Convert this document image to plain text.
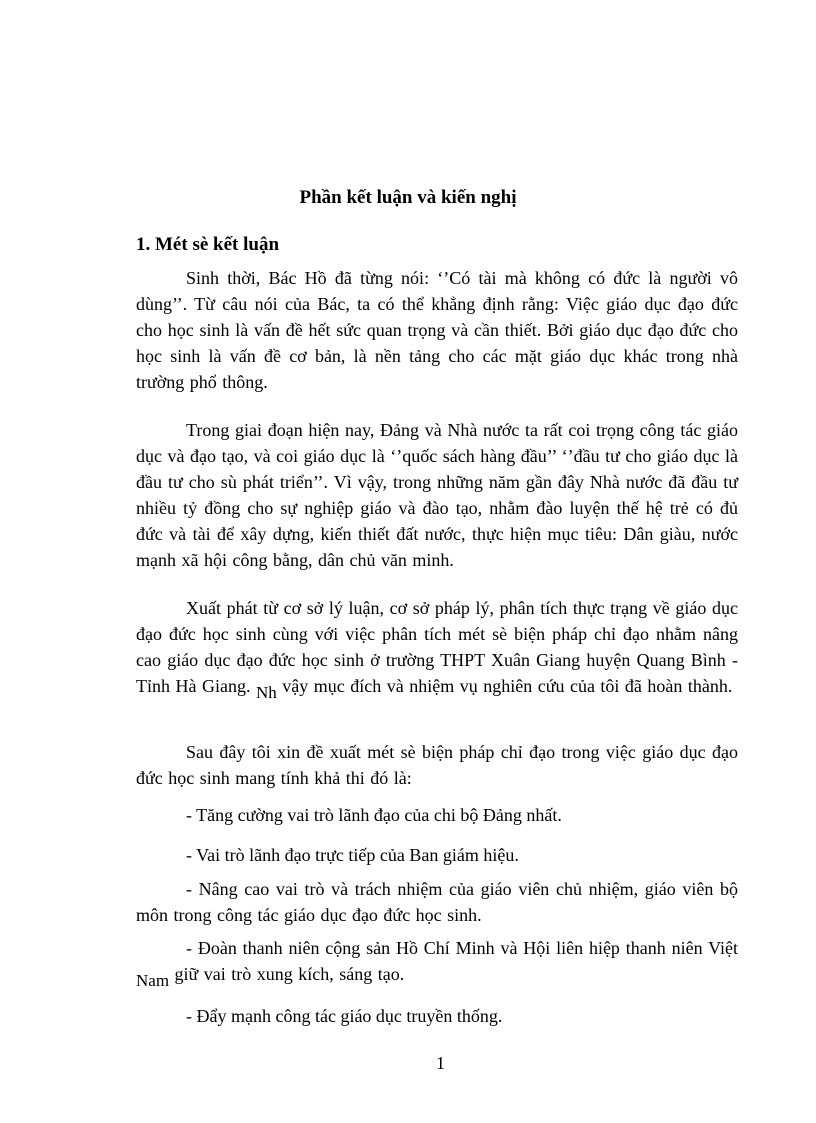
Phần kết luận và kiến nghị
1. Mét sè kết luận
Sinh thời, Bác Hồ đã từng nói: ‘’Có tài mà không có đức là người vô dùng’’. Từ câu nói của Bác, ta có thể khẳng định rằng: Việc giáo dục đạo đức cho học sinh là vấn đề hết sức quan trọng và cần thiết. Bởi giáo dục đạo đức cho học sinh là vấn đề cơ bản, là nền tảng cho các mặt giáo dục khác trong nhà trường phổ thông.
Trong giai đoạn hiện nay, Đảng và Nhà nước ta rất coi trọng công tác giáo dục và đạo tạo, và coi giáo dục là ‘’quốc sách hàng đầu’’ ‘’đầu tư cho giáo dục là đầu tư cho sù phát triển’’. Vì vậy, trong những năm gần đây Nhà nước đã đầu tư nhiều tỷ đồng cho sự nghiệp giáo và đào tạo, nhằm đào luyện thế hệ trẻ có đủ đức và tài để xây dựng, kiến thiết đất nước, thực hiện mục tiêu: Dân giàu, nước mạnh xã hội công bằng, dân chủ văn minh.
Xuất phát từ cơ sở lý luận, cơ sở pháp lý, phân tích thực trạng về giáo dục đạo đức học sinh cùng với việc phân tích mét sè biện pháp chỉ đạo nhằm nâng cao giáo dục đạo đức học sinh ở trường THPT Xuân Giang huyện Quang Bình - Tỉnh Hà Giang. Nh vậy mục đích và nhiệm vụ nghiên cứu của tôi đã hoàn thành.
Sau đây tôi xin đề xuất mét sè biện pháp chỉ đạo trong việc giáo dục đạo đức học sinh mang tính khả thi đó là:
- Tăng cường vai trò lãnh đạo của chi bộ Đảng nhất.
- Vai trò lãnh đạo trực tiếp của Ban giám hiệu.
- Nâng cao vai trò và trách nhiệm của giáo viên chủ nhiệm, giáo viên bộ môn trong công tác giáo dục đạo đức học sinh.
- Đoàn thanh niên cộng sản Hồ Chí Minh và Hội liên hiệp thanh niên Việt Nam giữ vai trò xung kích, sáng tạo.
- Đẩy mạnh công tác giáo dục truyền thống.
1
